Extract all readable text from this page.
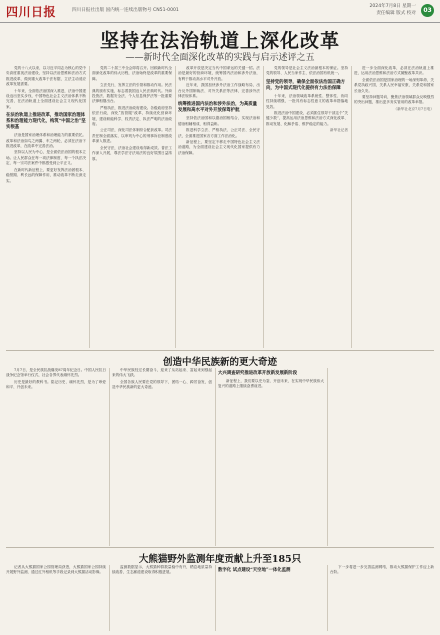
四川日报	四川日报社出版 国内统一连续出版物号 CN51-0001
2024年7月8日 星期一
责任编辑 版式 校对	03
坚持在法治轨道上深化改革
——新时代全面深化改革的实践与启示述评之五
党的十八大以来，以习近平同志为核心的党中央高度重视法治建设，坚持以法治思维和法治方式推进改革，做到重大改革于法有据，立法主动适应改革发展需要。
十年来，全面依法治国深入推进，法治中国建设迈出坚实步伐，中国特色社会主义法治体系不断完善，在法治轨道上全面建设社会主义现代化国家。
在法治轨道上推进改革，推动国家治理体系和治理能力现代化，构筑“中国之治”坚实根基
法治是国家治理体系和治理能力的重要依托。改革和法治如鸟之两翼、车之两轮，必须在法治下推进改革，在改革中完善法治。
坚持以人民为中心，是全面依法治国的根本立场。让人民群众在每一项法律制度、每一个执法决定、每一宗司法案件中都感受到公平正义。
在新时代新征程上，要更好发挥法治固根本、稳预期、利长远的保障作用，推动改革不断走深走实。
党的二十届三中全会即将召开。回顾新时代全面深化改革的伟大历程，法治始终是改革的重要保障。
立法先行，发挥立法的引领和推动作用。民法典的颁布实施，标志着我国迈入民法典时代。外商投资法、数据安全法、个人信息保护法等一批重要法律相继出台。
严格执法，推进法治政府建设。各级政府坚持依法行政，深化“放管服”改革，持续优化营商环境，建设职能科学、权责法定、执法严明的法治政府。
公正司法，深化司法体制综合配套改革。司法责任制全面落实，以审判为中心的刑事诉讼制度改革深入推进。
全民守法，法治社会建设取得新成效。普法工作深入开展，尊法学法守法用法的良好氛围日益浓厚。
改革开放是决定当代中国命运的关键一招。法治是最好的营商环境，统筹国内法治和涉外法治，有利于推动高水平对外开放。
近年来，我国加快涉外法治工作战略布局，出台反外国制裁法、对外关系法等法律，完善涉外法律法规体系。
统筹推进国内法治和涉外法治，为高质量发展和高水平对外开放保驾护航
坚持依法治国和以德治国相结合，实现法治和德治相辅相成、相得益彰。
推进科学立法、严格执法、公正司法、全民守法，全面推进国家各方面工作法治化。
新征程上，要坚定不移走中国特色社会主义法治道路，为全面建设社会主义现代化国家提供有力法治保障。
党的领导是社会主义法治最根本的保证。坚持党的领导、人民当家作主、依法治国有机统一。
坚持党的领导，确保全面依法治国正确方向，为中国式现代化提供有力法治保障
十年来，法治领域改革系统性、整体性、协同性持续增强，一批具有标志性意义的改革举措落地见效。
推进法治中国建设，必须抓住领导干部这个“关键少数”，提高运用法治思维和法治方式深化改革、推动发展、化解矛盾、维护稳定的能力。
新华社记者
进一步全面深化改革，必须在法治轨道上推进，运用法治思维和法治方式凝聚改革共识。
全面依法治国是国家治理的一场深刻革命，关系党执政兴国，关系人民幸福安康，关系党和国家长治久安。
要坚持问题导向，聚焦法治领域群众反映强烈的突出问题，推出更多务实管用的改革举措。
（新华社北京7月7日电）
创造中华民族新的更大奇迹
7月7日，是全民族抗战爆发87周年纪念日。中国人民抗日战争纪念馆举行仪式，社会各界代表缅怀先烈。
历史是最好的教科书。铭记历史、缅怀先烈，是为了珍爱和平、开创未来。
中华民族经过长期奋斗，迎来了从站起来、富起来到强起来的伟大飞跃。
全国各族人民要在党的领导下，团结一心、踔厉奋发，创造中华民族新的更大奇迹。
大兴调查研究推进改革开放新发展新阶段
新征程上，我们要以史为鉴、开创未来，在实现中华民族伟大复兴的道路上继续奋勇前进。
大熊猫野外监测年度贡献上升至185只
记者从大熊猫国家公园管理局获悉，大熊猫国家公园持续开展野外监测，通过红外相机等手段记录到大熊猫活动影像。
监测数据显示，大熊猫种群数量稳中有升，栖息地质量持续改善，生态廊道建设取得积极进展。	数字化 试点建设“天空地”一体化监测
下一步将进一步完善监测网络，推动大熊猫保护工作迈上新台阶。
